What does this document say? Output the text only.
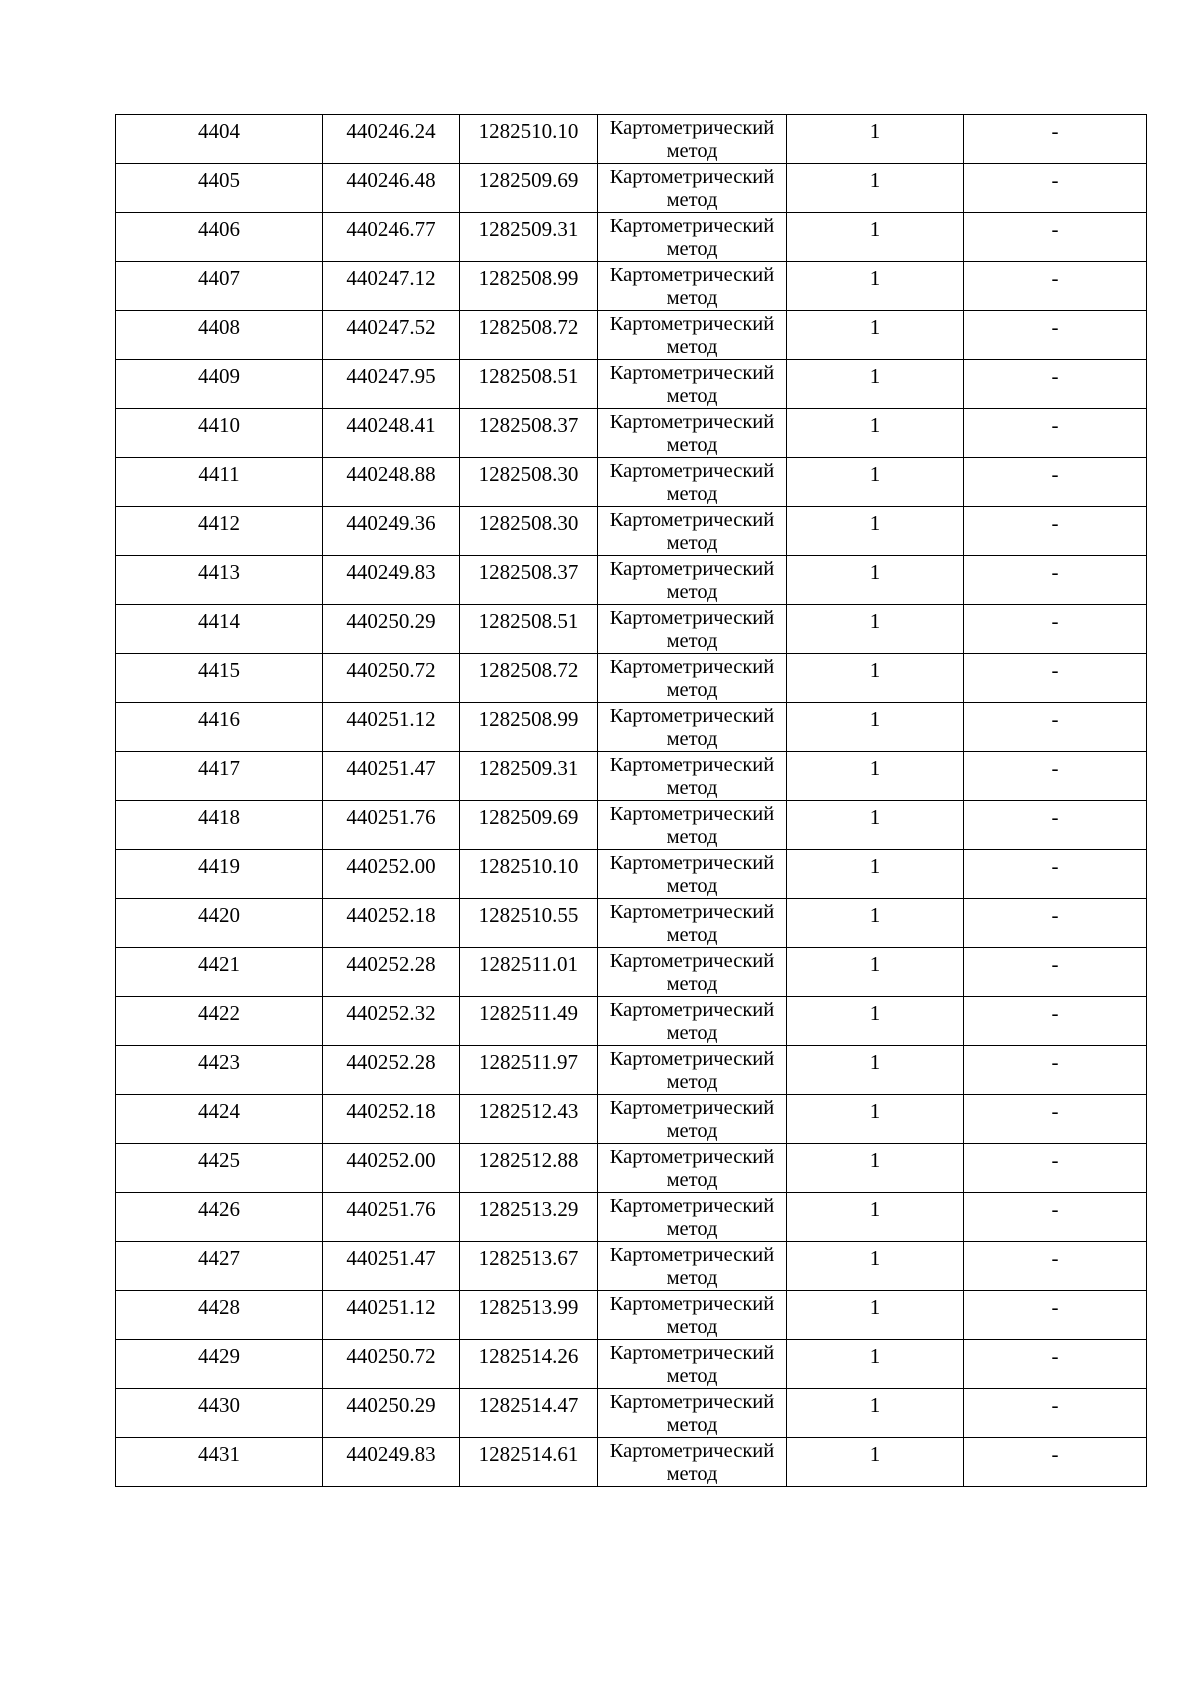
4404	440246.24	1282510.10	Картометрический
метод	1	-
4405	440246.48	1282509.69	Картометрический
метод	1	-
4406	440246.77	1282509.31	Картометрический
метод	1	-
4407	440247.12	1282508.99	Картометрический
метод	1	-
4408	440247.52	1282508.72	Картометрический
метод	1	-
4409	440247.95	1282508.51	Картометрический
метод	1	-
4410	440248.41	1282508.37	Картометрический
метод	1	-
4411	440248.88	1282508.30	Картометрический
метод	1	-
4412	440249.36	1282508.30	Картометрический
метод	1	-
4413	440249.83	1282508.37	Картометрический
метод	1	-
4414	440250.29	1282508.51	Картометрический
метод	1	-
4415	440250.72	1282508.72	Картометрический
метод	1	-
4416	440251.12	1282508.99	Картометрический
метод	1	-
4417	440251.47	1282509.31	Картометрический
метод	1	-
4418	440251.76	1282509.69	Картометрический
метод	1	-
4419	440252.00	1282510.10	Картометрический
метод	1	-
4420	440252.18	1282510.55	Картометрический
метод	1	-
4421	440252.28	1282511.01	Картометрический
метод	1	-
4422	440252.32	1282511.49	Картометрический
метод	1	-
4423	440252.28	1282511.97	Картометрический
метод	1	-
4424	440252.18	1282512.43	Картометрический
метод	1	-
4425	440252.00	1282512.88	Картометрический
метод	1	-
4426	440251.76	1282513.29	Картометрический
метод	1	-
4427	440251.47	1282513.67	Картометрический
метод	1	-
4428	440251.12	1282513.99	Картометрический
метод	1	-
4429	440250.72	1282514.26	Картометрический
метод	1	-
4430	440250.29	1282514.47	Картометрический
метод	1	-
4431	440249.83	1282514.61	Картометрический
метод	1	-
